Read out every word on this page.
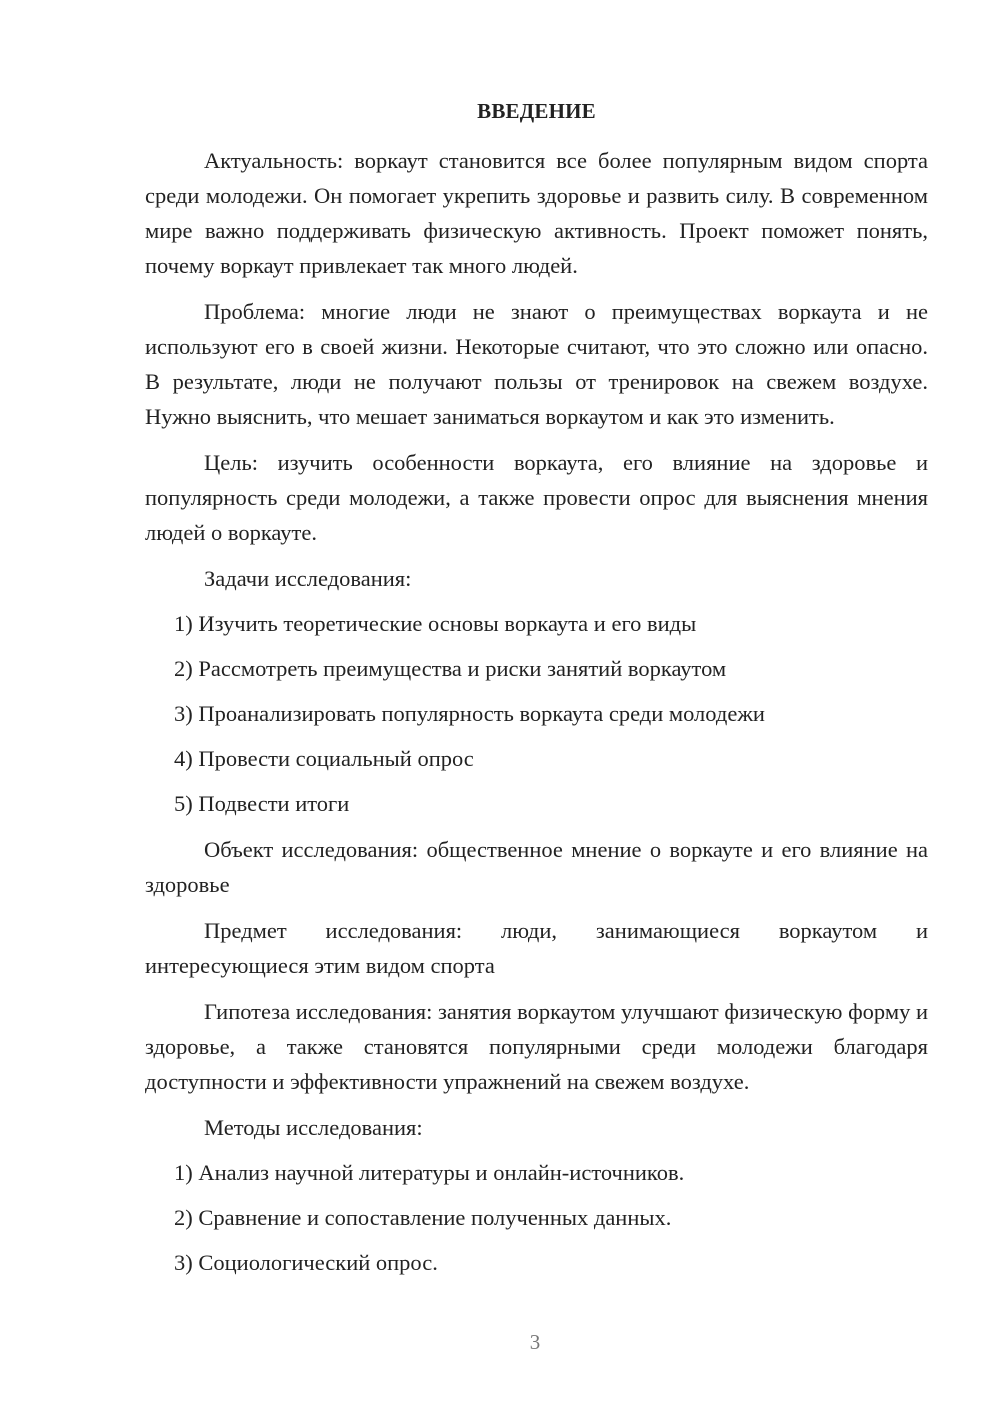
ВВЕДЕНИЕ

Актуальность: воркаут становится все более популярным видом спорта среди молодежи. Он помогает укрепить здоровье и развить силу. В современном мире важно поддерживать физическую активность. Проект поможет понять, почему воркаут привлекает так много людей.

Проблема: многие люди не знают о преимуществах воркаута и не используют его в своей жизни. Некоторые считают, что это сложно или опасно. В результате, люди не получают пользы от тренировок на свежем воздухе. Нужно выяснить, что мешает заниматься воркаутом и как это изменить.

Цель: изучить особенности воркаута, его влияние на здоровье и популярность среди молодежи, а также провести опрос для выяснения мнения людей о воркауте.

Задачи исследования:
1) Изучить теоретические основы воркаута и его виды
2) Рассмотреть преимущества и риски занятий воркаутом
3) Проанализировать популярность воркаута среди молодежи
4) Провести социальный опрос
5) Подвести итоги

Объект исследования: общественное мнение о воркауте и его влияние на здоровье

Предмет исследования: люди, занимающиеся воркаутом и интересующиеся этим видом спорта

Гипотеза исследования: занятия воркаутом улучшают физическую форму и здоровье, а также становятся популярными среди молодежи благодаря доступности и эффективности упражнений на свежем воздухе.

Методы исследования:
1) Анализ научной литературы и онлайн-источников.
2) Сравнение и сопоставление полученных данных.
3) Социологический опрос.
3
